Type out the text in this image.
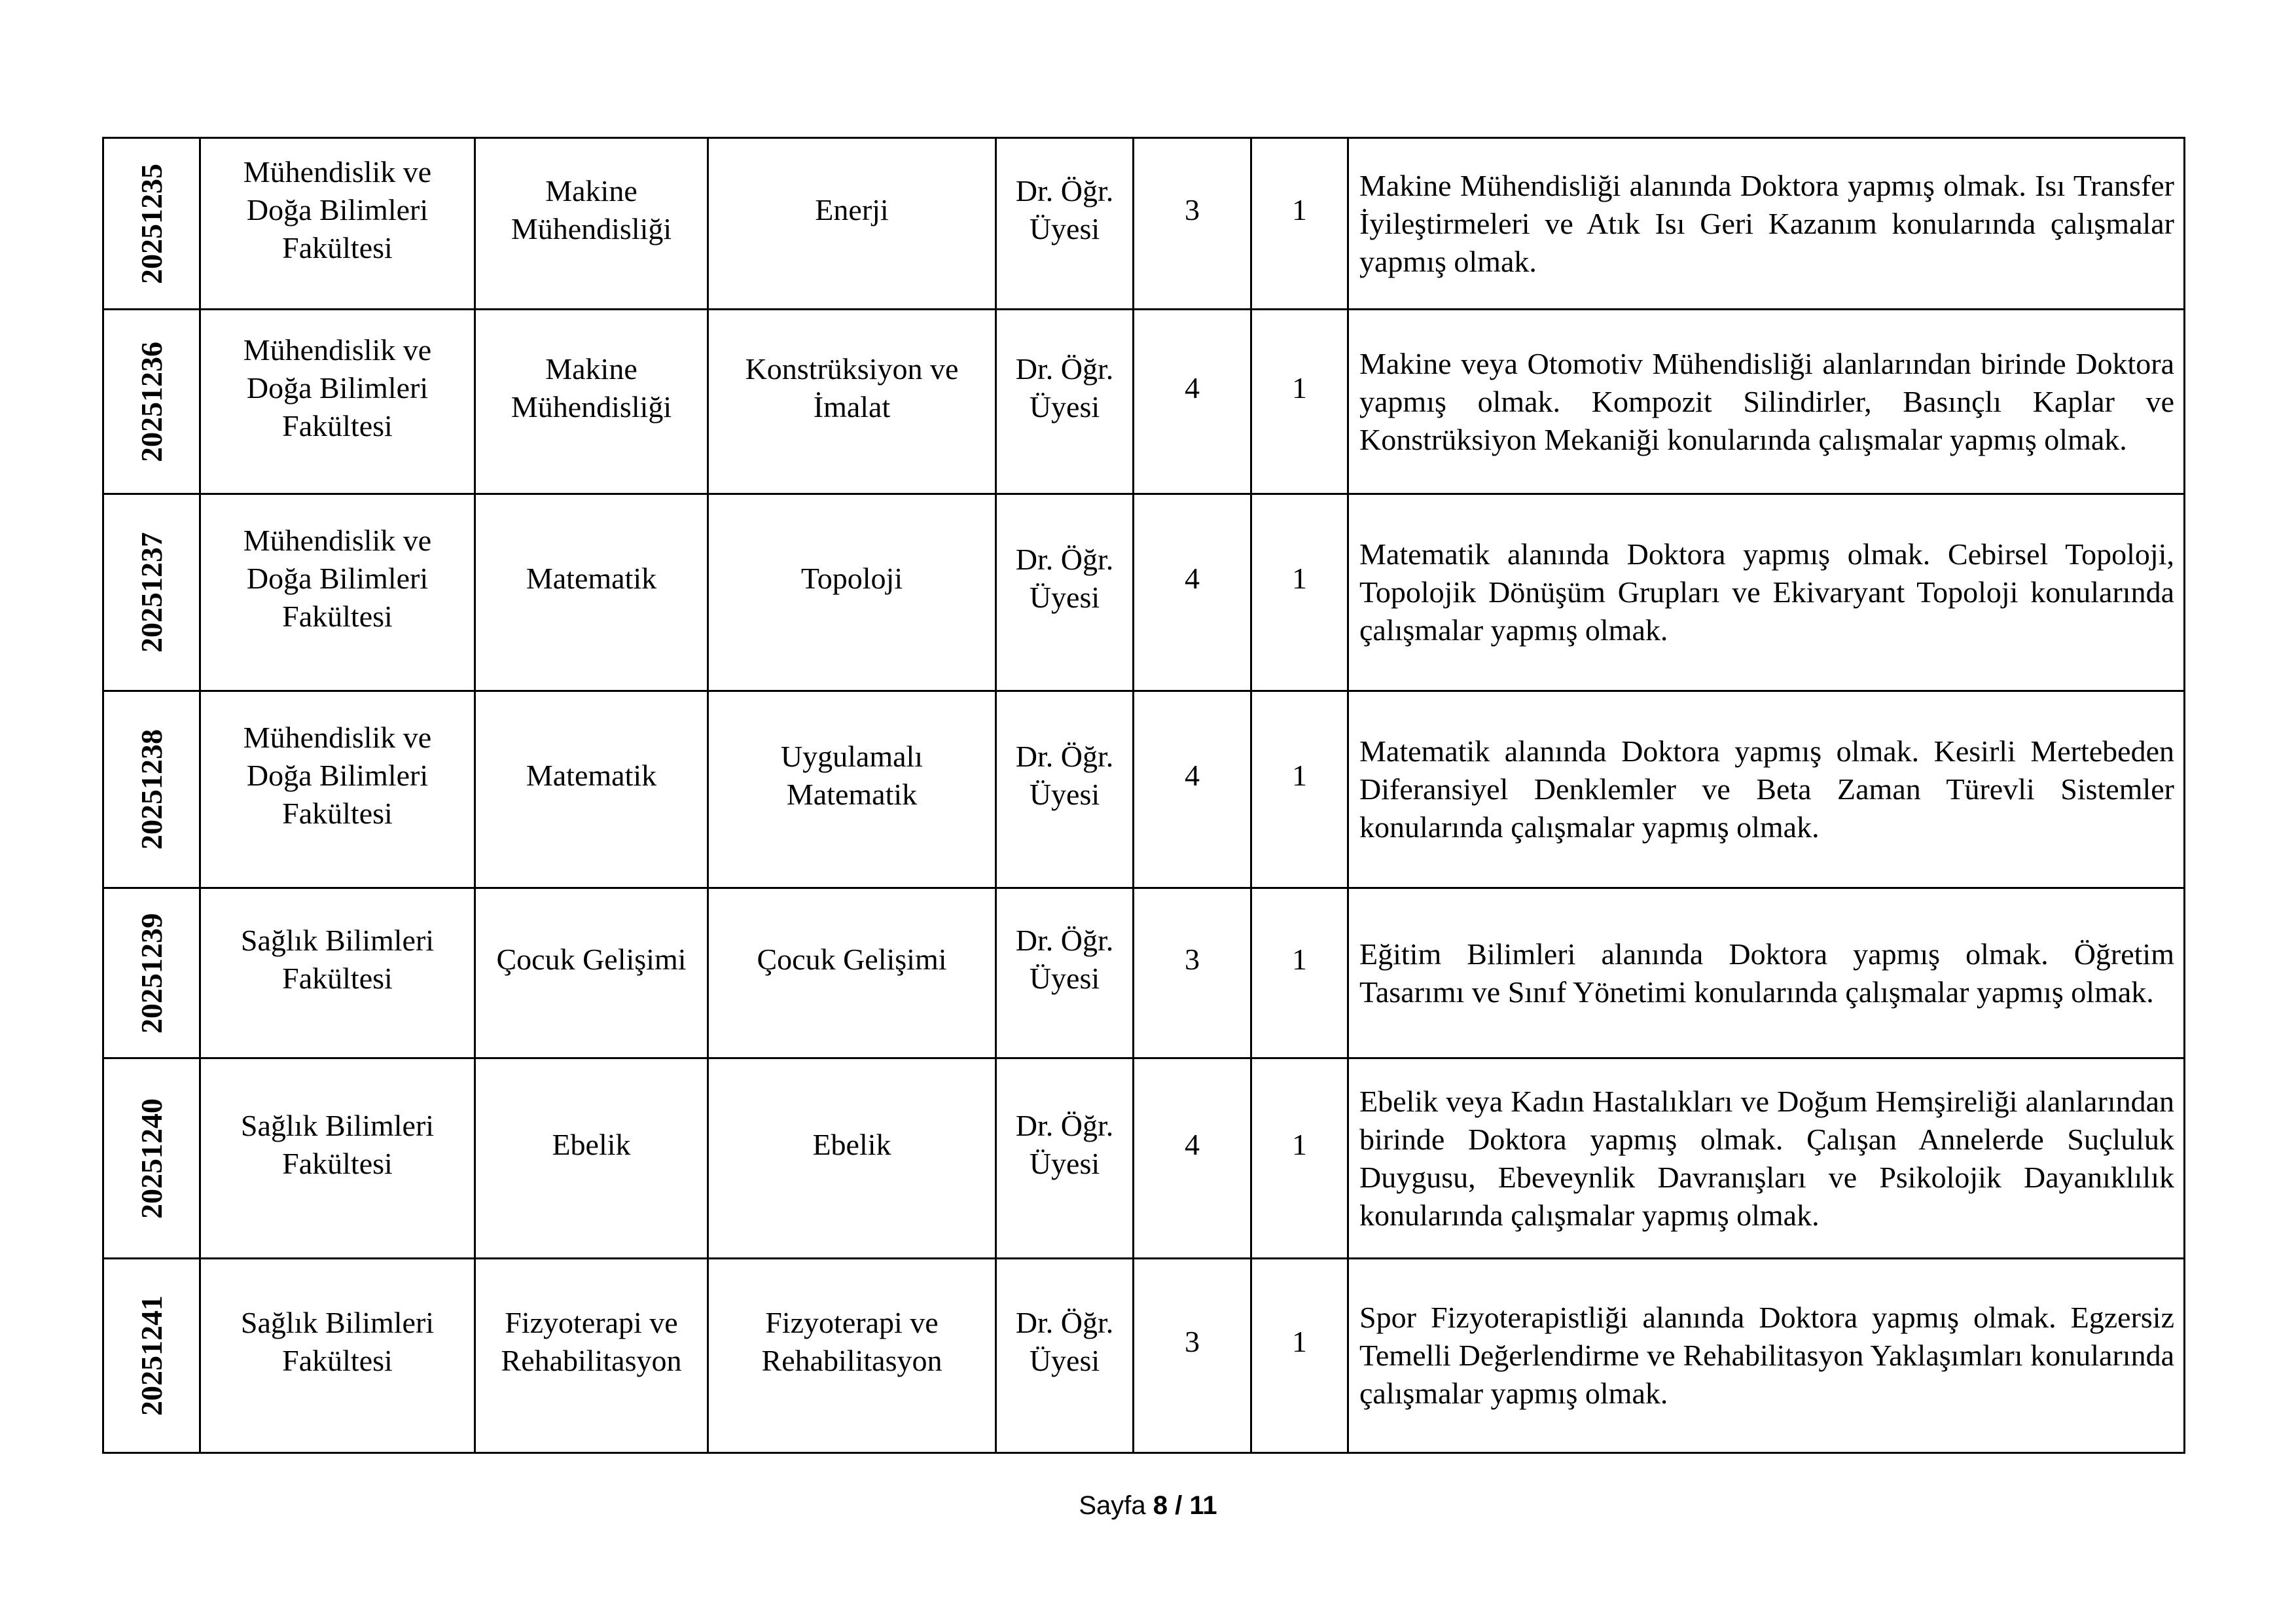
20251235	Mühendislik ve Doğa Bilimleri Fakültesi	Makine Mühendisliği	Enerji	Dr. Öğr. Üyesi	3	1	Makine Mühendisliği alanında Doktora yapmış olmak. Isı Transfer İyileştirmeleri ve Atık Isı Geri Kazanım konularında çalışmalar yapmış olmak.

20251236	Mühendislik ve Doğa Bilimleri Fakültesi	Makine Mühendisliği	Konstrüksiyon ve İmalat	Dr. Öğr. Üyesi	4	1	Makine veya Otomotiv Mühendisliği alanlarından birinde Doktora yapmış olmak. Kompozit Silindirler, Basınçlı Kaplar ve Konstrüksiyon Mekaniği konularında çalışmalar yapmış olmak.

20251237	Mühendislik ve Doğa Bilimleri Fakültesi	Matematik	Topoloji	Dr. Öğr. Üyesi	4	1	Matematik alanında Doktora yapmış olmak. Cebirsel Topoloji, Topolojik Dönüşüm Grupları ve Ekivaryant Topoloji konularında çalışmalar yapmış olmak.

20251238	Mühendislik ve Doğa Bilimleri Fakültesi	Matematik	Uygulamalı Matematik	Dr. Öğr. Üyesi	4	1	Matematik alanında Doktora yapmış olmak. Kesirli Mertebeden Diferansiyel Denklemler ve Beta Zaman Türevli Sistemler konularında çalışmalar yapmış olmak.

20251239	Sağlık Bilimleri Fakültesi	Çocuk Gelişimi	Çocuk Gelişimi	Dr. Öğr. Üyesi	3	1	Eğitim Bilimleri alanında Doktora yapmış olmak. Öğretim Tasarımı ve Sınıf Yönetimi konularında çalışmalar yapmış olmak.

20251240	Sağlık Bilimleri Fakültesi	Ebelik	Ebelik	Dr. Öğr. Üyesi	4	1	Ebelik veya Kadın Hastalıkları ve Doğum Hemşireliği alanlarından birinde Doktora yapmış olmak. Çalışan Annelerde Suçluluk Duygusu, Ebeveynlik Davranışları ve Psikolojik Dayanıklılık konularında çalışmalar yapmış olmak.

20251241	Sağlık Bilimleri Fakültesi	Fizyoterapi ve Rehabilitasyon	Fizyoterapi ve Rehabilitasyon	Dr. Öğr. Üyesi	3	1	Spor Fizyoterapistliği alanında Doktora yapmış olmak. Egzersiz Temelli Değerlendirme ve Rehabilitasyon Yaklaşımları konularında çalışmalar yapmış olmak.
Sayfa 8 / 11
